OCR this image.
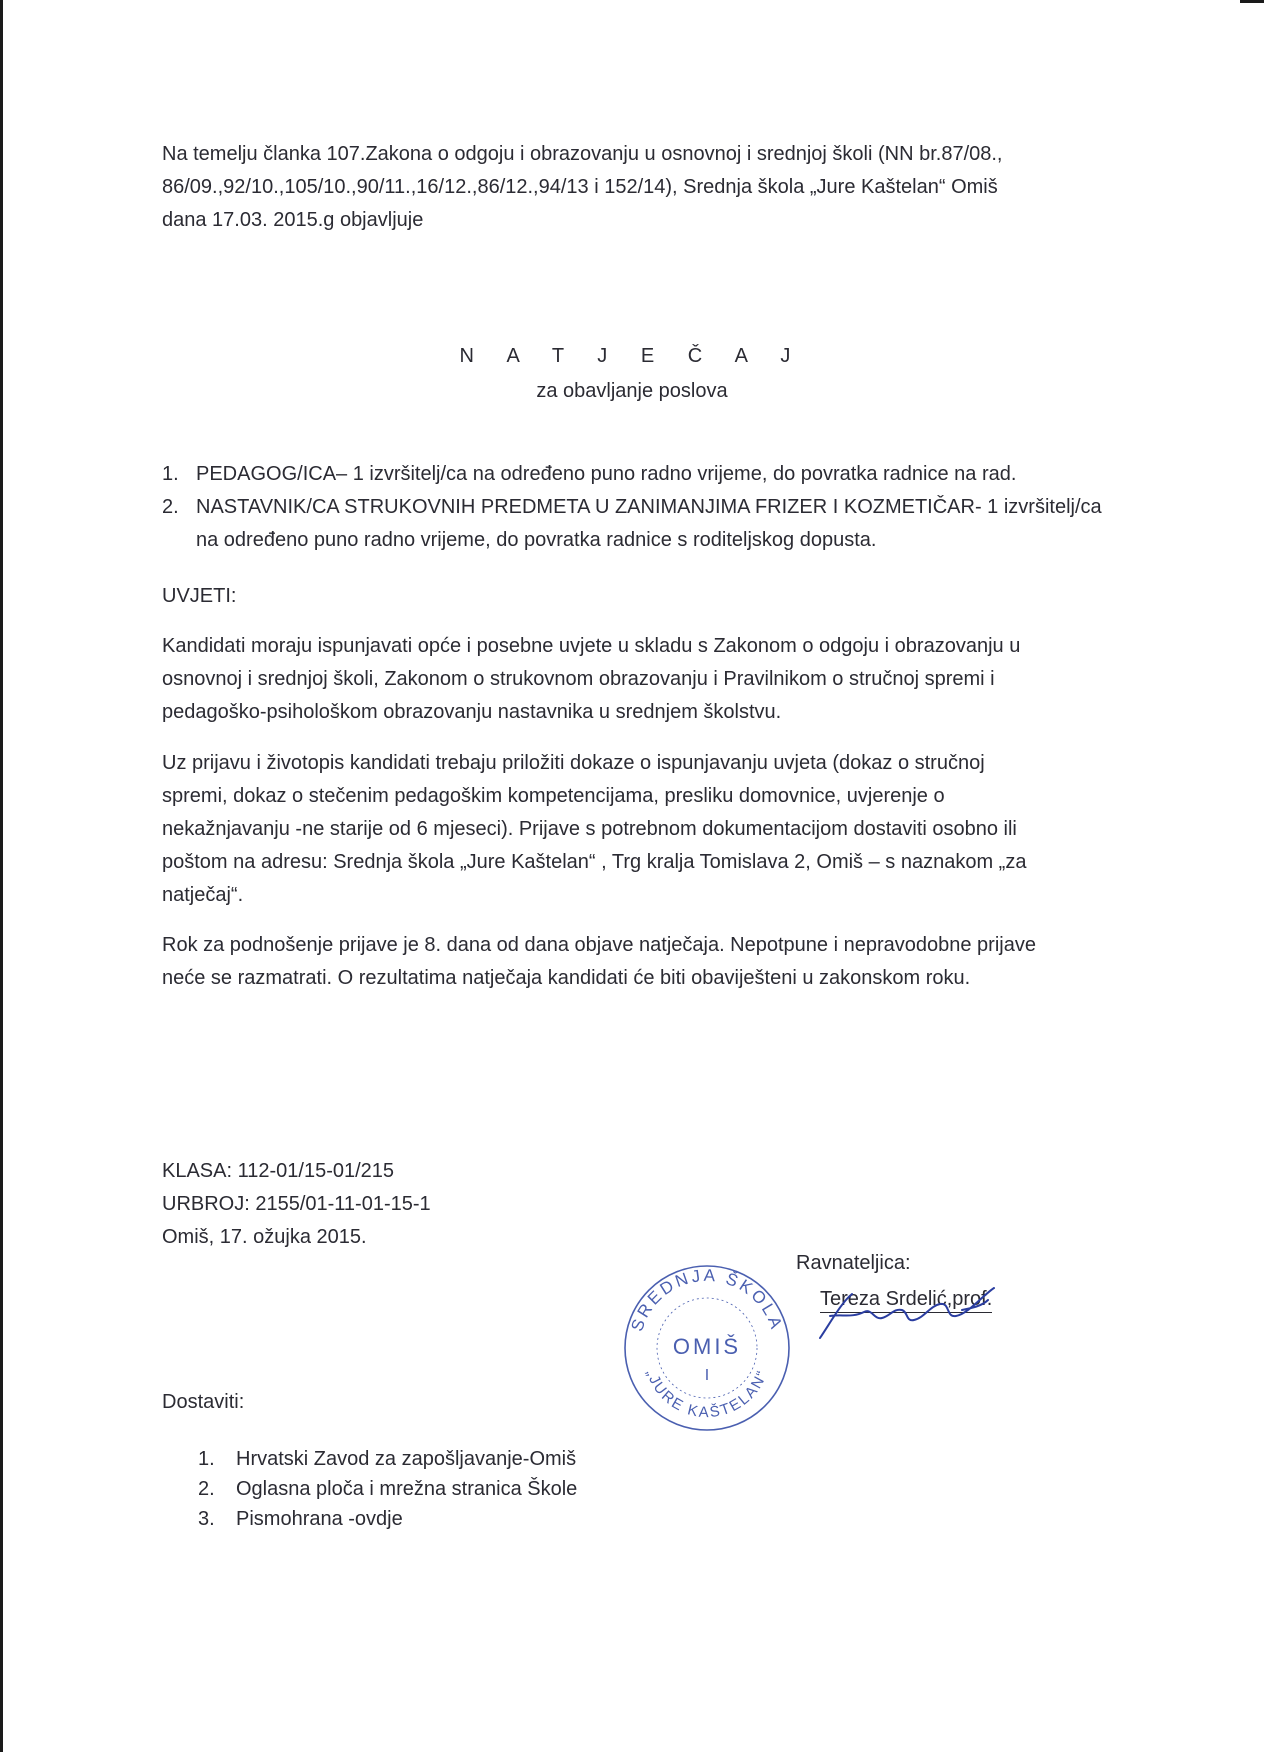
Na temelju članka 107.Zakona o odgoju i obrazovanju u osnovnoj i srednjoj školi (NN br.87/08.,
86/09.,92/10.,105/10.,90/11.,16/12.,86/12.,94/13 i 152/14), Srednja škola „Jure Kaštelan“ Omiš
dana 17.03. 2015.g objavljuje
N A T J E Č A J
za obavljanje poslova
1. PEDAGOG/ICA– 1 izvršitelj/ca na određeno puno radno vrijeme, do povratka radnice na rad.
2. NASTAVNIK/CA STRUKOVNIH PREDMETA U ZANIMANJIMA FRIZER I KOZMETIČAR- 1 izvršitelj/ca
na određeno puno radno vrijeme, do povratka radnice s roditeljskog dopusta.
UVJETI:
Kandidati moraju ispunjavati opće i posebne uvjete u skladu s Zakonom o odgoju i obrazovanju u
osnovnoj i srednjoj školi, Zakonom o strukovnom obrazovanju i Pravilnikom o stručnoj spremi i
pedagoško-psihološkom obrazovanju nastavnika u srednjem školstvu.
Uz prijavu i životopis kandidati trebaju priložiti dokaze o ispunjavanju uvjeta (dokaz o stručnoj
spremi, dokaz o stečenim pedagoškim kompetencijama, presliku domovnice, uvjerenje o
nekažnjavanju -ne starije od 6 mjeseci). Prijave s potrebnom dokumentacijom dostaviti osobno ili
poštom na adresu: Srednja škola „Jure Kaštelan“ , Trg kralja Tomislava 2, Omiš – s naznakom „za
natječaj“.
Rok za podnošenje prijave je 8. dana od dana objave natječaja. Nepotpune i nepravodobne prijave
neće se razmatrati. O rezultatima natječaja kandidati će biti obaviješteni u zakonskom roku.
KLASA: 112-01/15-01/215
URBROJ: 2155/01-11-01-15-1
Omiš, 17. ožujka 2015.
Ravnateljica:
Tereza Srdelić,prof.
SREDNJA ŠKOLA
„JURE KAŠTELAN“
OMIŠ
I
Dostaviti:
1. Hrvatski Zavod za zapošljavanje-Omiš
2. Oglasna ploča i mrežna stranica Škole
3. Pismohrana -ovdje
